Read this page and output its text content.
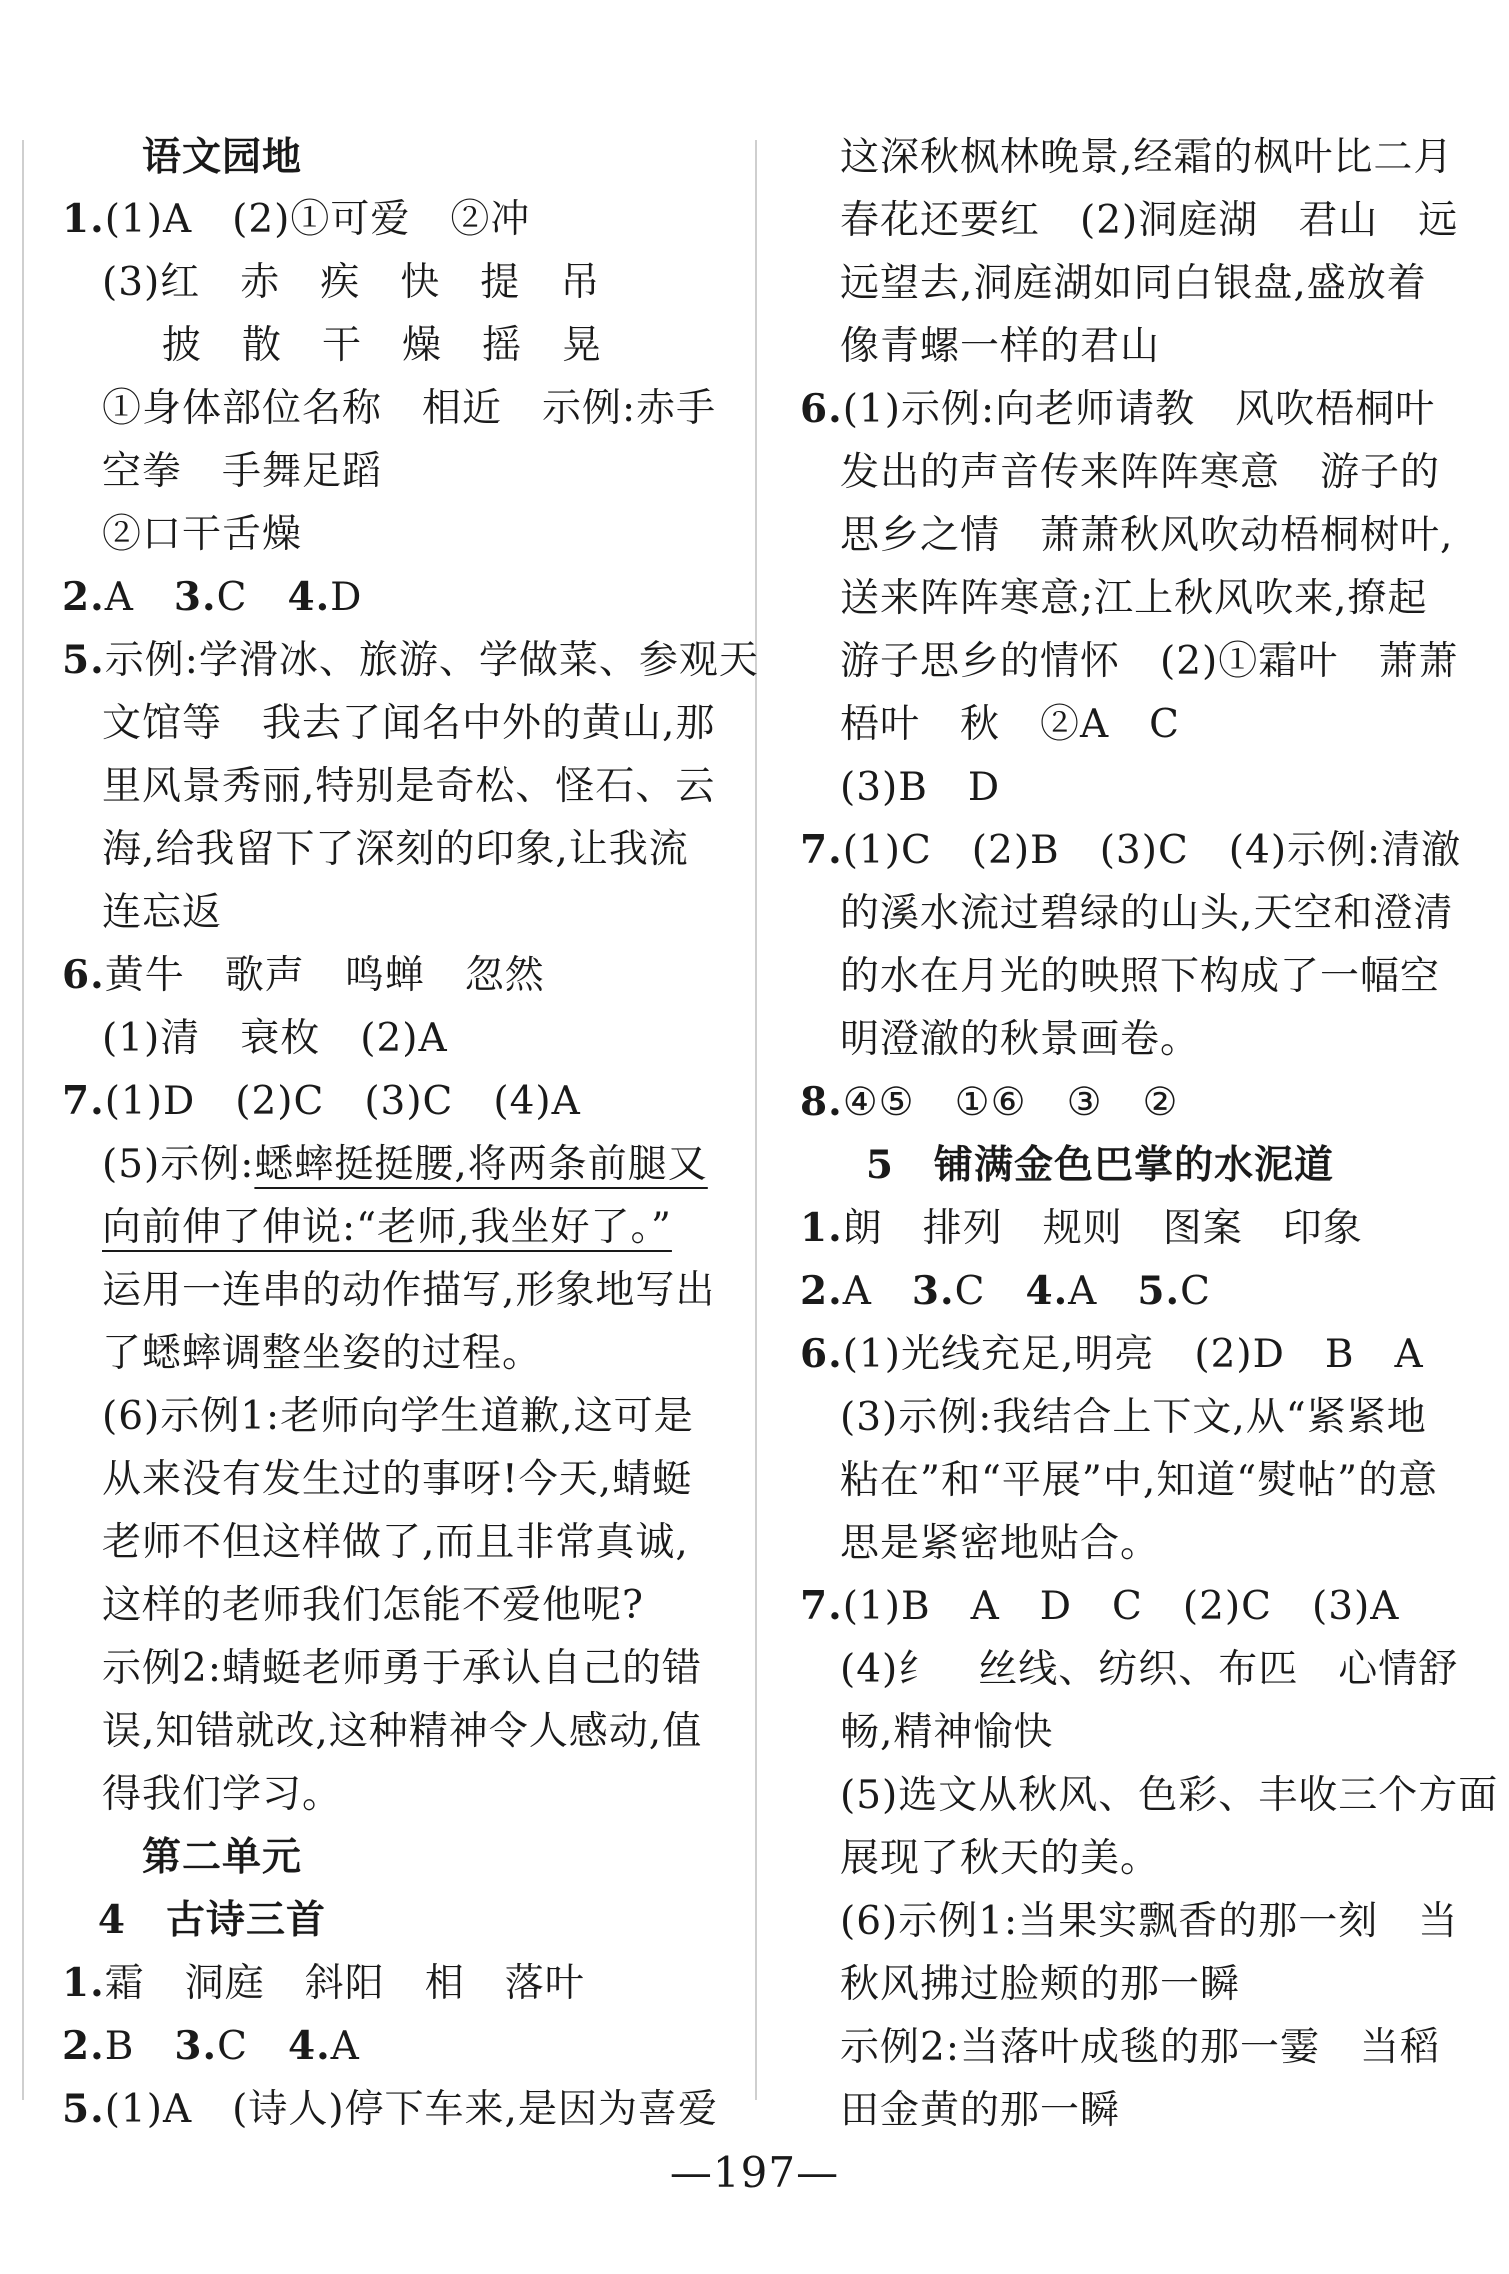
语文园地
1.(1)A　(2)①可爱　②冲
(3)红　赤　疾　快　提　吊
披　散　干　燥　摇　晃
①身体部位名称　相近　示例:赤手
空拳　手舞足蹈
②口干舌燥
2.A　3.C　4.D
5.示例:学滑冰、旅游、学做菜、参观天
文馆等　我去了闻名中外的黄山,那
里风景秀丽,特别是奇松、怪石、云
海,给我留下了深刻的印象,让我流
连忘返
6.黄牛　歌声　鸣蝉　忽然
(1)清　衰枚　(2)A
7.(1)D　(2)C　(3)C　(4)A
(5)示例:蟋蟀挺挺腰,将两条前腿又
向前伸了伸说:“老师,我坐好了。”
运用一连串的动作描写,形象地写出
了蟋蟀调整坐姿的过程。
(6)示例1:老师向学生道歉,这可是
从来没有发生过的事呀!今天,蜻蜓
老师不但这样做了,而且非常真诚,
这样的老师我们怎能不爱他呢?
示例2:蜻蜓老师勇于承认自己的错
误,知错就改,这种精神令人感动,值
得我们学习。
第二单元
4　古诗三首
1.霜　洞庭　斜阳　相　落叶
2.B　3.C　4.A
5.(1)A　(诗人)停下车来,是因为喜爱
这深秋枫林晚景,经霜的枫叶比二月
春花还要红　(2)洞庭湖　君山　远
远望去,洞庭湖如同白银盘,盛放着
像青螺一样的君山
6.(1)示例:向老师请教　风吹梧桐叶
发出的声音传来阵阵寒意　游子的
思乡之情　萧萧秋风吹动梧桐树叶,
送来阵阵寒意;江上秋风吹来,撩起
游子思乡的情怀　(2)①霜叶　萧萧
梧叶　秋　②A　C
(3)B　D
7.(1)C　(2)B　(3)C　(4)示例:清澈
的溪水流过碧绿的山头,天空和澄清
的水在月光的映照下构成了一幅空
明澄澈的秋景画卷。
8.④⑤　①⑥　③　②
5　铺满金色巴掌的水泥道
1.朗　排列　规则　图案　印象
2.A　3.C　4.A　5.C
6.(1)光线充足,明亮　(2)D　B　A
(3)示例:我结合上下文,从“紧紧地
粘在”和“平展”中,知道“熨帖”的意
思是紧密地贴合。
7.(1)B　A　D　C　(2)C　(3)A
(4)纟　丝线、纺织、布匹　心情舒
畅,精神愉快
(5)选文从秋风、色彩、丰收三个方面
展现了秋天的美。
(6)示例1:当果实飘香的那一刻　当
秋风拂过脸颊的那一瞬
示例2:当落叶成毯的那一霎　当稻
田金黄的那一瞬
—197—
